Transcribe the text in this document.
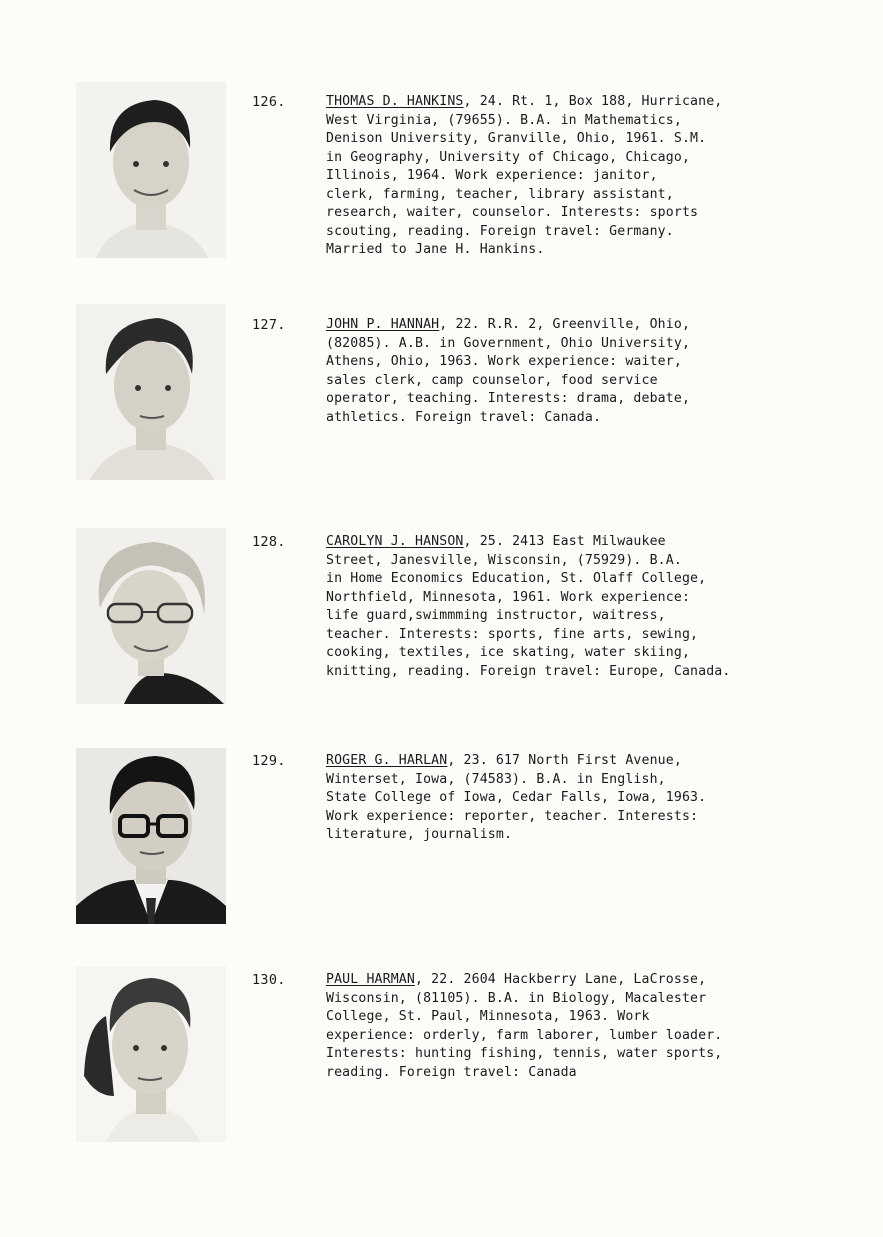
126.	THOMAS D. HANKINS, 24. Rt. 1, Box 188, Hurricane,
West Virginia, (79655). B.A. in Mathematics,
Denison University, Granville, Ohio, 1961. S.M.
in Geography, University of Chicago, Chicago,
Illinois, 1964. Work experience: janitor,
clerk, farming, teacher, library assistant,
research, waiter, counselor. Interests: sports
scouting, reading. Foreign travel: Germany.
Married to Jane H. Hankins.
127.	JOHN P. HANNAH, 22. R.R. 2, Greenville, Ohio,
(82085). A.B. in Government, Ohio University,
Athens, Ohio, 1963. Work experience: waiter,
sales clerk, camp counselor, food service
operator, teaching. Interests: drama, debate,
athletics. Foreign travel: Canada.
128.	CAROLYN J. HANSON, 25. 2413 East Milwaukee
Street, Janesville, Wisconsin, (75929). B.A.
in Home Economics Education, St. Olaff College,
Northfield, Minnesota, 1961. Work experience:
life guard,swimmming instructor, waitress,
teacher. Interests: sports, fine arts, sewing,
cooking, textiles, ice skating, water skiing,
knitting, reading. Foreign travel: Europe, Canada.
129.	ROGER G. HARLAN, 23. 617 North First Avenue,
Winterset, Iowa, (74583). B.A. in English,
State College of Iowa, Cedar Falls, Iowa, 1963.
Work experience: reporter, teacher. Interests:
literature, journalism.
130.	PAUL HARMAN, 22. 2604 Hackberry Lane, LaCrosse,
Wisconsin, (81105). B.A. in Biology, Macalester
College, St. Paul, Minnesota, 1963. Work
experience: orderly, farm laborer, lumber loader.
Interests: hunting fishing, tennis, water sports,
reading. Foreign travel: Canada
